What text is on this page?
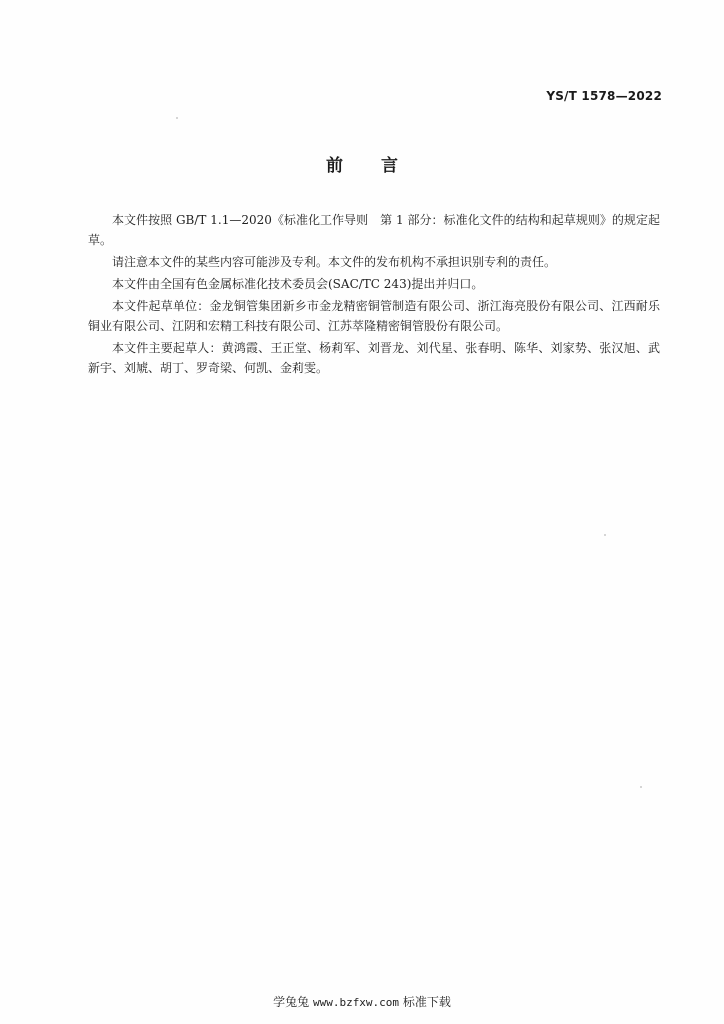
YS/T 1578—2022
前言

本文件按照 GB/T 1.1—2020《标准化工作导则　第 1 部分：标准化文件的结构和起草规则》的规定起草。

请注意本文件的某些内容可能涉及专利。本文件的发布机构不承担识别专利的责任。

本文件由全国有色金属标准化技术委员会(SAC/TC 243)提出并归口。

本文件起草单位：金龙铜管集团新乡市金龙精密铜管制造有限公司、浙江海亮股份有限公司、江西耐乐铜业有限公司、江阴和宏精工科技有限公司、江苏萃隆精密铜管股份有限公司。

本文件主要起草人：黄鸿霞、王正堂、杨莉军、刘晋龙、刘代星、张春明、陈华、刘家势、张汉旭、武新宇、刘虓、胡丁、罗奇梁、何凯、金莉雯。

学兔兔 www.bzfxw.com 标准下载
